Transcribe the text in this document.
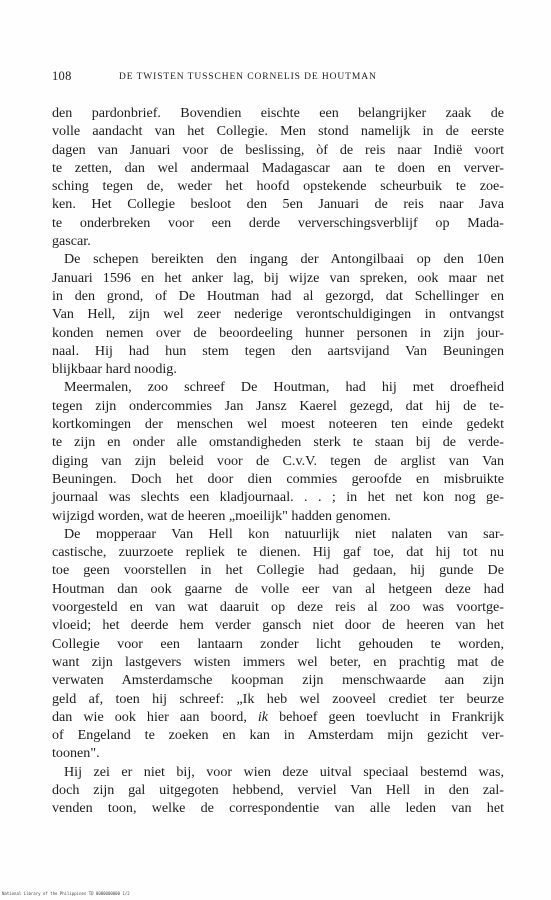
108	DE TWISTEN TUSSCHEN CORNELIS DE HOUTMAN
den pardonbrief. Bovendien eischte een belangrijker zaak de
volle aandacht van het Collegie. Men stond namelijk in de eerste
dagen van Januari voor de beslissing, òf de reis naar Indië voort
te zetten, dan wel andermaal Madagascar aan te doen en verver-
sching tegen de, weder het hoofd opstekende scheurbuik te zoe-
ken. Het Collegie besloot den 5en Januari de reis naar Java
te onderbreken voor een derde ververschingsverblijf op Mada-
gascar.
De schepen bereikten den ingang der Antongilbaai op den 10en
Januari 1596 en het anker lag, bij wijze van spreken, ook maar net
in den grond, of De Houtman had al gezorgd, dat Schellinger en
Van Hell, zijn wel zeer nederige verontschuldigingen in ontvangst
konden nemen over de beoordeeling hunner personen in zijn jour-
naal. Hij had hun stem tegen den aartsvijand Van Beuningen
blijkbaar hard noodig.
Meermalen, zoo schreef De Houtman, had hij met droefheid
tegen zijn ondercommies Jan Jansz Kaerel gezegd, dat hij de te-
kortkomingen der menschen wel moest noteeren ten einde gedekt
te zijn en onder alle omstandigheden sterk te staan bij de verde-
diging van zijn beleid voor de C.v.V. tegen de arglist van Van
Beuningen. Doch het door dien commies geroofde en misbruikte
journaal was slechts een kladjournaal. . . ; in het net kon nog ge-
wijzigd worden, wat de heeren „moeilijk" hadden genomen.
De mopperaar Van Hell kon natuurlijk niet nalaten van sar-
castische, zuurzoete repliek te dienen. Hij gaf toe, dat hij tot nu
toe geen voorstellen in het Collegie had gedaan, hij gunde De
Houtman dan ook gaarne de volle eer van al hetgeen deze had
voorgesteld en van wat daaruit op deze reis al zoo was voortge-
vloeid; het deerde hem verder gansch niet door de heeren van het
Collegie voor een lantaarn zonder licht gehouden te worden,
want zijn lastgevers wisten immers wel beter, en prachtig mat de
verwaten Amsterdamsche koopman zijn menschwaarde aan zijn
geld af, toen hij schreef: „Ik heb wel zooveel crediet ter beurze
dan wie ook hier aan boord, ik behoef geen toevlucht in Frankrijk
of Engeland te zoeken en kan in Amsterdam mijn gezicht ver-
toonen".
Hij zei er niet bij, voor wien deze uitval speciaal bestemd was,
doch zijn gal uitgegoten hebbend, verviel Van Hell in den zal-
venden toon, welke de correspondentie van alle leden van het
National Library of the Philippines TD 0000000000 1/2
